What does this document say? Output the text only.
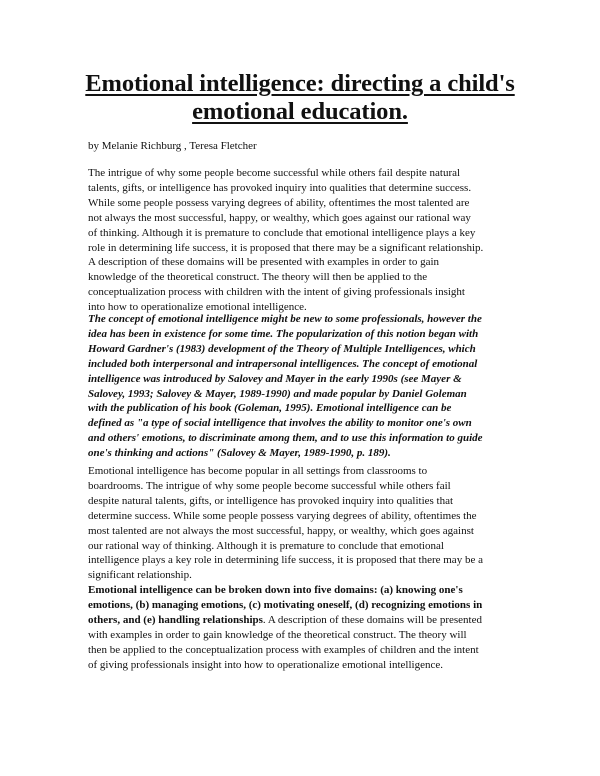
Emotional intelligence: directing a child's
emotional education.

by Melanie Richburg , Teresa Fletcher

The intrigue of why some people become successful while others fail despite natural
talents, gifts, or intelligence has provoked inquiry into qualities that determine success.
While some people possess varying degrees of ability, oftentimes the most talented are
not always the most successful, happy, or wealthy, which goes against our rational way
of thinking. Although it is premature to conclude that emotional intelligence plays a key
role in determining life success, it is proposed that there may be a significant relationship.
A description of these domains will be presented with examples in order to gain
knowledge of the theoretical construct. The theory will then be applied to the
conceptualization process with children with the intent of giving professionals insight
into how to operationalize emotional intelligence.
The concept of emotional intelligence might be new to some professionals, however the
idea has been in existence for some time. The popularization of this notion began with
Howard Gardner's (1983) development of the Theory of Multiple Intelligences, which
included both interpersonal and intrapersonal intelligences. The concept of emotional
intelligence was introduced by Salovey and Mayer in the early 1990s (see Mayer &
Salovey, 1993; Salovey & Mayer, 1989-1990) and made popular by Daniel Goleman
with the publication of his book (Goleman, 1995). Emotional intelligence can be
defined as "a type of social intelligence that involves the ability to monitor one's own
and others' emotions, to discriminate among them, and to use this information to guide
one's thinking and actions" (Salovey & Mayer, 1989-1990, p. 189).
Emotional intelligence has become popular in all settings from classrooms to
boardrooms. The intrigue of why some people become successful while others fail
despite natural talents, gifts, or intelligence has provoked inquiry into qualities that
determine success. While some people possess varying degrees of ability, oftentimes the
most talented are not always the most successful, happy, or wealthy, which goes against
our rational way of thinking. Although it is premature to conclude that emotional
intelligence plays a key role in determining life success, it is proposed that there may be a
significant relationship.
Emotional intelligence can be broken down into five domains: (a) knowing one's
emotions, (b) managing emotions, (c) motivating oneself, (d) recognizing emotions in
others, and (e) handling relationships. A description of these domains will be presented
with examples in order to gain knowledge of the theoretical construct. The theory will
then be applied to the conceptualization process with examples of children and the intent
of giving professionals insight into how to operationalize emotional intelligence.
